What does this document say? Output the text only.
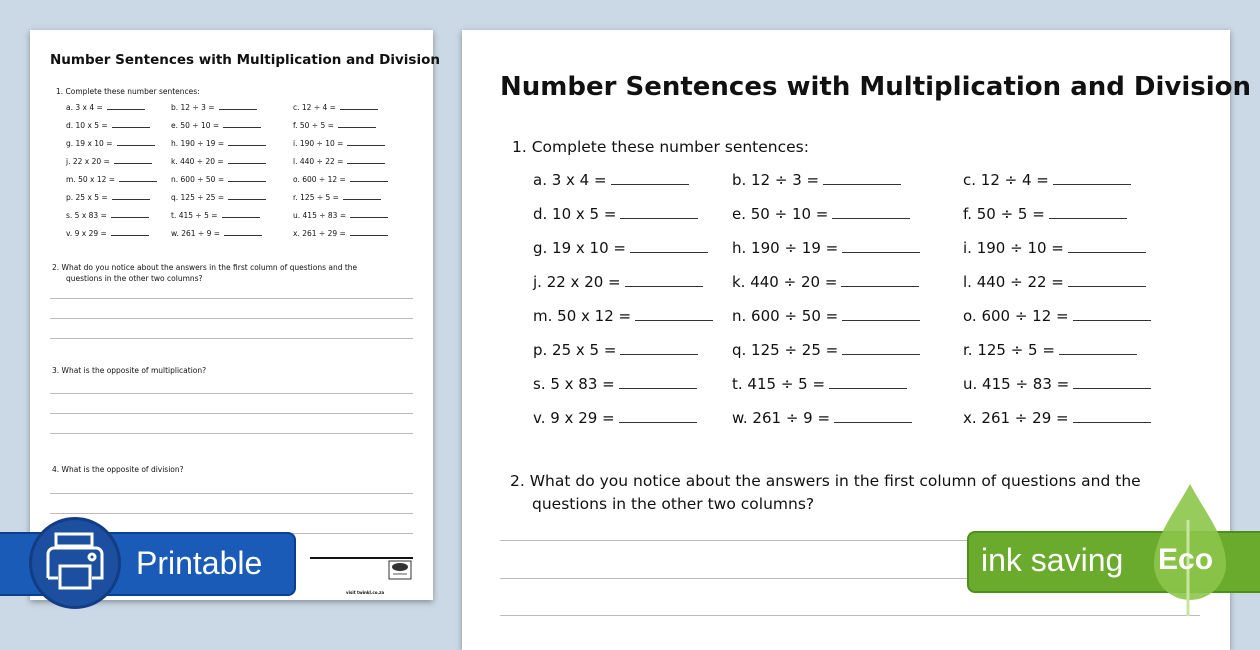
Number Sentences with Multiplication and Division
1. Complete these number sentences:
a. 3 x 4 =	b. 12 ÷ 3 =	c. 12 ÷ 4 =
d. 10 x 5 =	e. 50 ÷ 10 =	f. 50 ÷ 5 =
g. 19 x 10 =	h. 190 ÷ 19 =	i. 190 ÷ 10 =
j. 22 x 20 =	k. 440 ÷ 20 =	l. 440 ÷ 22 =
m. 50 x 12 =	n. 600 ÷ 50 =	o. 600 ÷ 12 =
p. 25 x 5 =	q. 125 ÷ 25 =	r. 125 ÷ 5 =
s. 5 x 83 =	t. 415 ÷ 5 =	u. 415 ÷ 83 =
v. 9 x 29 =	w. 261 ÷ 9 =	x. 261 ÷ 29 =
2. What do you notice about the answers in the first column of questions and the
questions in the other two columns?
3. What is the opposite of multiplication?
4. What is the opposite of division?
visit twinkl.co.za
Number Sentences with Multiplication and Division
1. Complete these number sentences:
a. 3 x 4 =	b. 12 ÷ 3 =	c. 12 ÷ 4 =
d. 10 x 5 =	e. 50 ÷ 10 =	f. 50 ÷ 5 =
g. 19 x 10 =	h. 190 ÷ 19 =	i. 190 ÷ 10 =
j. 22 x 20 =	k. 440 ÷ 20 =	l. 440 ÷ 22 =
m. 50 x 12 =	n. 600 ÷ 50 =	o. 600 ÷ 12 =
p. 25 x 5 =	q. 125 ÷ 25 =	r. 125 ÷ 5 =
s. 5 x 83 =	t. 415 ÷ 5 =	u. 415 ÷ 83 =
v. 9 x 29 =	w. 261 ÷ 9 =	x. 261 ÷ 29 =
2. What do you notice about the answers in the first column of questions and the
questions in the other two columns?
Printable	ink saving Eco
